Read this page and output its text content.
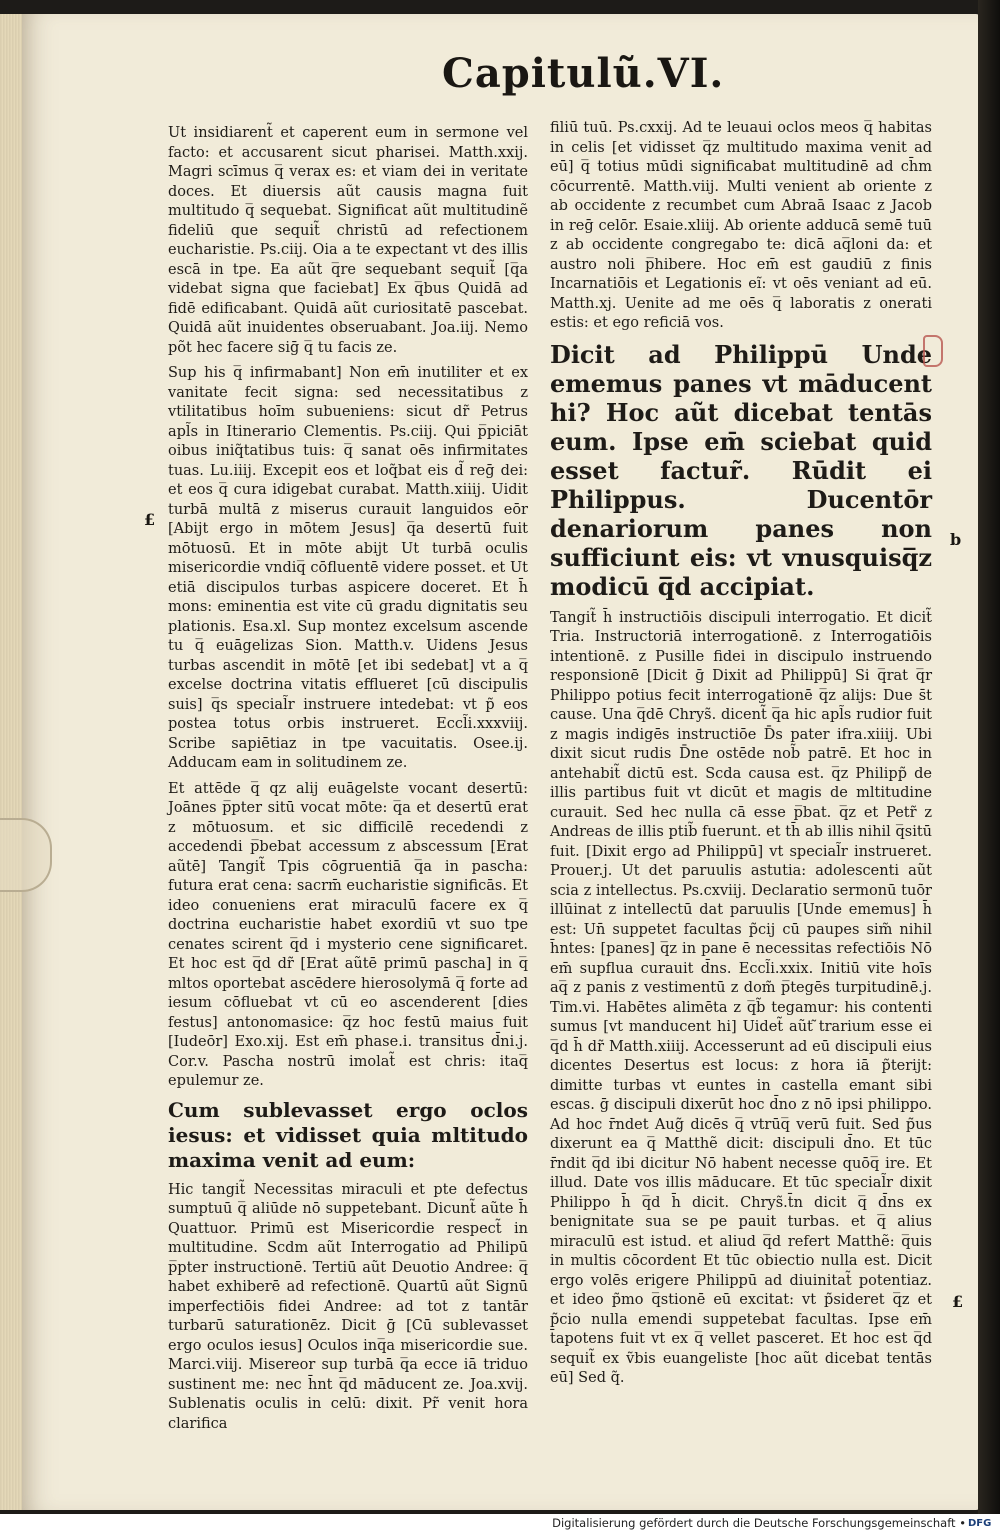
Capitulũ.VI.

Ut insidiarent̃ et caperent eum in sermone vel facto: et accusarent sicut pharisei. Matth.xxij. Magri scīmus q̅ verax es: et viam dei in veritate doces. Et diuersis aũt causis magna fuit multitudo q̅ sequebat. Significat aũt multitudinẽ fideliū que sequit̃ christū ad refectionem eucharistie. Ps.ciij. Oia a te expectant vt des illis escā in tpe. Ea aũt q̅re sequebant sequit̃ [q̅a videbat signa que faciebat] Ex q̅bus Quidā ad fidē edificabant. Quidā aũt curiositatē pascebat. Quidā aũt inuidentes obseruabant. Joa.iij. Nemo põt hec facere siḡ q̅ tu facis ze.

Sup his q̅ infirmabant] Non em̄ inutiliter et ex vanitate fecit signa: sed necessitatibus z vtilitatibus hoīm subueniens: sicut dr̃ Petrus apl̃s in Itinerario Clementis. Ps.ciij. Qui p̅piciāt oibus iniq̃tatibus tuis: q̅ sanat oēs infirmitates tuas. Lu.iiij. Excepit eos et loq̃bat eis d̃ reḡ dei: et eos q̅ cura idigebat curabat. Matth.xiiij. Uidit turbā multā z miserus curauit languidos eōr [Abijt ergo in mōtem Jesus] q̅a desertū fuit mōtuosū. Et in mōte abijt Ut turbā oculis misericordie vndiq̅ cōfluentē videre posset. et Ut etiā discipulos turbas aspicere doceret. Et h̄ mons: eminentia est vite cū gradu dignitatis seu plationis. Esa.xl. Sup montez excelsum ascende tu q̅ euāgelizas Sion. Matth.v. Uidens Jesus turbas ascendit in mōtē [et ibi sedebat] vt a q̅ excelse doctrina vitatis efflueret [cū discipulis suis] q̅s special̃r instruere intedebat: vt p̃ eos postea totus orbis instrueret. Eccl̃i.xxxviij. Scribe sapiētiaz in tpe vacuitatis. Osee.ij. Adducam eam in solitudinem ze.

Et attēde q̅ qz alij euāgelste vocant desertū: Joānes p̅pter sitū vocat mōte: q̅a et desertū erat z mōtuosum. et sic difficilē recedendi z accedendi p̅bebat accessum z abscessum [Erat aũtē] Tangit̃ Tpis cōgruentiā q̅a in pascha: futura erat cena: sacrm̄ eucharistie significās. Et ideo conueniens erat miraculū facere ex q̅ doctrina eucharistie habet exordiū vt suo tpe cenates scirent q̅d i mysterio cene significaret. Et hoc est q̅d dr̃ [Erat aũtē primū pascha] in q̅ mltos oportebat ascēdere hierosolymā q̅ forte ad iesum cōfluebat vt cū eo ascenderent [dies festus] antonomasice: q̅z hoc festū maius fuit [Iudeōr] Exo.xij. Est em̄ phase.i. transitus d̄ni.j. Cor.v. Pascha nostrū imolat̃ est chris: itaq̅ epulemur ze.

Cum sublevasset ergo oclos iesus: et vidisset quia mltitudo maxima venit ad eum:

Hic tangit̃ Necessitas miraculi et pte defectus sumptuū q̅ aliūde nō suppetebant. Dicunt̃ aũte h̄ Quattuor. Primū est Misericordie respect̃ in multitudine. Scdm aũt Interrogatio ad Philipū p̅pter instructionē. Tertiū aũt Deuotio Andree: q̅ habet exhiberē ad refectionē. Quartū aũt Signū imperfectiōis fidei Andree: ad tot z tantār turbarū saturationēz. Dicit ḡ [Cū sublevasset ergo oculos iesus] Oculos inq̅a misericordie sue. Marci.viij. Misereor sup turbā q̅a ecce iā triduo sustinent me: nec h̄nt q̅d māducent ze. Joa.xvij. Sublenatis oculis in celū: dixit. Pr̃ venit hora clarifica

filiū tuū. Ps.cxxij. Ad te leuaui oclos meos q̅ habitas in celis [et vidisset q̅z multitudo maxima venit ad eū] q̅ totius mūdi significabat multitudinē ad ch̄m cōcurrentē. Matth.viij. Multi venient ab oriente z ab occidente z recumbet cum Abraā Isaac z Jacob in reḡ celōr. Esaie.xliij. Ab oriente adducā semē tuū z ab occidente congregabo te: dicā aq̅loni da: et austro noli p̅hibere. Hoc em̄ est gaudiū z finis Incarnatiōis et Legationis eĩ: vt oēs veniant ad eū. Matth.xj. Uenite ad me oēs q̅ laboratis z onerati estis: et ego reficiā vos.

Dicit ad Philippū Unde ememus panes vt māducent hi? Hoc aũt dicebat tentās eum. Ipse em̄ sciebat quid esset factur̃. Rūdit ei Philippus. Ducentōr denariorum panes non sufficiunt eis: vt vnusquisq̅z modicū q̅d accipiat.

Tangit̃ h̄ instructiōis discipuli interrogatio. Et dicit̃ Tria. Instructoriā interrogationē. z Interrogatiōis intentionē. z Pusille fidei in discipulo instruendo responsionē [Dicit ḡ Dixit ad Philippū] Si q̅rat q̅r Philippo potius fecit interrogationē q̅z alijs: Due s̄t cause. Una q̅dē Chrys̃. dicent̃ q̅a hic apl̃s rudior fuit z magis indigēs instructiōe D̄s pater ifra.xiiij. Ubi dixit sicut rudis D̄ne ostēde nob̃ patrē. Et hoc in antehabit̃ dictū est. Scda causa est. q̅z Philipp̃ de illis partibus fuit vt dicūt et magis de mltitudine curauit. Sed hec nulla cā esse p̅bat. q̅z et Petr̃ z Andreas de illis ptib̃ fuerunt. et th̄ ab illis nihil q̅sitū fuit. [Dixit ergo ad Philippū] vt special̃r instrueret. Prouer.j. Ut det paruulis astutia: adolescenti aũt scia z intellectus. Ps.cxviij. Declaratio sermonū tuōr illūinat z intellectū dat paruulis [Unde ememus] h̄ est: Un̄ suppetet facultas p̃cij cū paupes sim̃ nihil h̄ntes: [panes] q̅z in pane ē necessitas refectiōis Nō em̄ supflua curauit d̄ns. Eccl̃i.xxix. Initiū vite hoīs aq̅ z panis z vestimentū z dom̃ p̅tegēs turpitudinē.j. Tim.vi. Habētes alimēta z q̅b̃ tegamur: his contenti sumus [vt manducent hi] Uidet̃ aũt ̃trarium esse ei q̅d h̄ dr̃ Matth.xiiij. Accesserunt ad eū discipuli eius dicentes Desertus est locus: z hora iā p̃terijt: dimitte turbas vt euntes in castella emant sibi escas. ḡ discipuli dixerūt hoc d̄no z nō ipsi philippo. Ad hoc r̄ndet Aug̃ dicēs q̅ vtrūq̅ verū fuit. Sed p̃us dixerunt ea q̅ Matthẽ dicit: discipuli d̄no. Et tūc r̄ndit q̅d ibi dicitur Nō habent necesse quōq̅ ire. Et illud. Date vos illis māducare. Et tūc special̃r dixit Philippo h̄ q̅d h̄ dicit. Chrys̃.t̄n dicit q̅ d̄ns ex benignitate sua se pe pauit turbas. et q̅ alius miraculū est istud. et aliud q̅d refert Matthẽ: q̅uis in multis cōcordent Et tūc obiectio nulla est. Dicit ergo volēs erigere Philippū ad diuinitat̃ potentiaz. et ideo p̃mo q̅stionē eū excitat: vt p̃sideret q̅z et p̃cio nulla emendi suppetebat facultas. Ipse em̄ t̄apotens fuit vt ex q̅ vellet pasceret. Et hoc est q̅d sequit̃ ex ṽbis euangeliste [hoc aũt dicebat tentās eū] Sed q̃.

£
b
£
Digitalisierung gefördert durch die Deutsche Forschungsgemeinschaft • DFG
